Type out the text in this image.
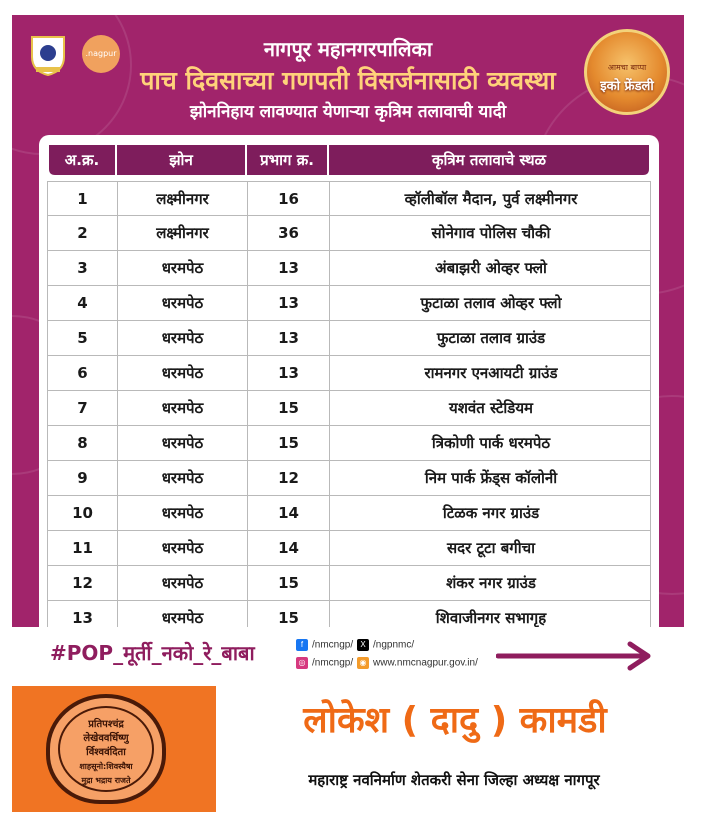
.nagpur	नागपूर महानगरपालिका
पाच दिवसाच्या गणपती विसर्जनासाठी व्यवस्था
झोननिहाय लावण्यात येणाऱ्या कृत्रिम तलावाची यादी
आमचा बाप्पा
इको फ्रेंडली
अ.क्र.	झोन	प्रभाग क्र.	कृत्रिम तलावाचे स्थळ
1	लक्ष्मीनगर	16	व्हॉलीबॉल मैदान, पुर्व लक्ष्मीनगर
2	लक्ष्मीनगर	36	सोनेगाव पोलिस चौकी
3	धरमपेठ	13	अंबाझरी ओव्हर फ्लो
4	धरमपेठ	13	फुटाळा तलाव ओव्हर फ्लो
5	धरमपेठ	13	फुटाळा तलाव ग्राउंड
6	धरमपेठ	13	रामनगर एनआयटी ग्राउंड
7	धरमपेठ	15	यशवंत स्टेडियम
8	धरमपेठ	15	त्रिकोणी पार्क धरमपेठ
9	धरमपेठ	12	निम पार्क फ्रेंड्स कॉलोनी
10	धरमपेठ	14	टिळक नगर ग्राउंड
11	धरमपेठ	14	सदर टूटा बगीचा
12	धरमपेठ	15	शंकर नगर ग्राउंड
13	धरमपेठ	15	शिवाजीनगर सभागृह
#POP_मूर्ती_नको_रे_बाबा	f /nmcngp/ X /ngpnmc/
◎ /nmcngp/ ◉ www.nmcnagpur.gov.in/
प्रतिपश्चंद्र
लेखेववर्धिष्णु
र्विश्ववंदिता
शाहसूनो:शिवस्यैषा
मुद्रा भद्राय राजते
लोकेश ( दादु ) कामडी
महाराष्ट्र नवनिर्माण शेतकरी सेना जिल्हा अध्यक्ष नागपूर
